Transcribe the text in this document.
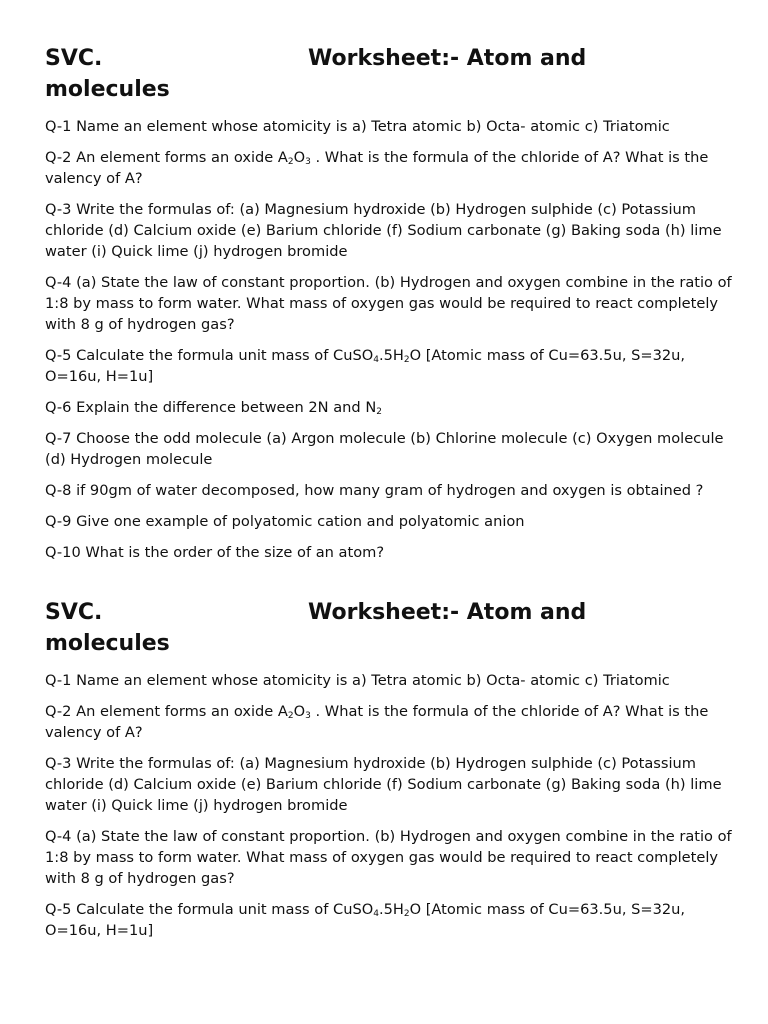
SVC.	Worksheet:- Atom and
molecules

Q-1 Name an element whose atomicity is a) Tetra atomic b) Octa- atomic c) Triatomic

Q-2 An element forms an oxide $A_2O_3$ . What is the formula of the chloride of A? What is the valency of A?

Q-3 Write the formulas of: (a) Magnesium hydroxide (b) Hydrogen sulphide (c) Potassium chloride (d) Calcium oxide (e) Barium chloride (f) Sodium carbonate (g) Baking soda (h) lime water (i) Quick lime (j) hydrogen bromide

Q-4 (a) State the law of constant proportion. (b) Hydrogen and oxygen combine in the ratio of 1:8 by mass to form water. What mass of oxygen gas would be required to react completely with 8 g of hydrogen gas?

Q-5 Calculate the formula unit mass of $CuSO_4.5H_2O$ [Atomic mass of Cu=63.5u, S=32u, O=16u, H=1u]

Q-6 Explain the difference between 2N and $N_2$

Q-7 Choose the odd molecule (a) Argon molecule (b) Chlorine molecule (c) Oxygen molecule (d) Hydrogen molecule

Q-8 if 90gm of water decomposed, how many gram of hydrogen and oxygen is obtained ?

Q-9 Give one example of polyatomic cation and polyatomic anion

Q-10 What is the order of the size of an atom?

SVC.	Worksheet:- Atom and
molecules

Q-1 Name an element whose atomicity is a) Tetra atomic b) Octa- atomic c) Triatomic

Q-2 An element forms an oxide $A_2O_3$ . What is the formula of the chloride of A? What is the valency of A?

Q-3 Write the formulas of: (a) Magnesium hydroxide (b) Hydrogen sulphide (c) Potassium chloride (d) Calcium oxide (e) Barium chloride (f) Sodium carbonate (g) Baking soda (h) lime water (i) Quick lime (j) hydrogen bromide

Q-4 (a) State the law of constant proportion. (b) Hydrogen and oxygen combine in the ratio of 1:8 by mass to form water. What mass of oxygen gas would be required to react completely with 8 g of hydrogen gas?

Q-5 Calculate the formula unit mass of $CuSO_4.5H_2O$ [Atomic mass of Cu=63.5u, S=32u, O=16u, H=1u]
